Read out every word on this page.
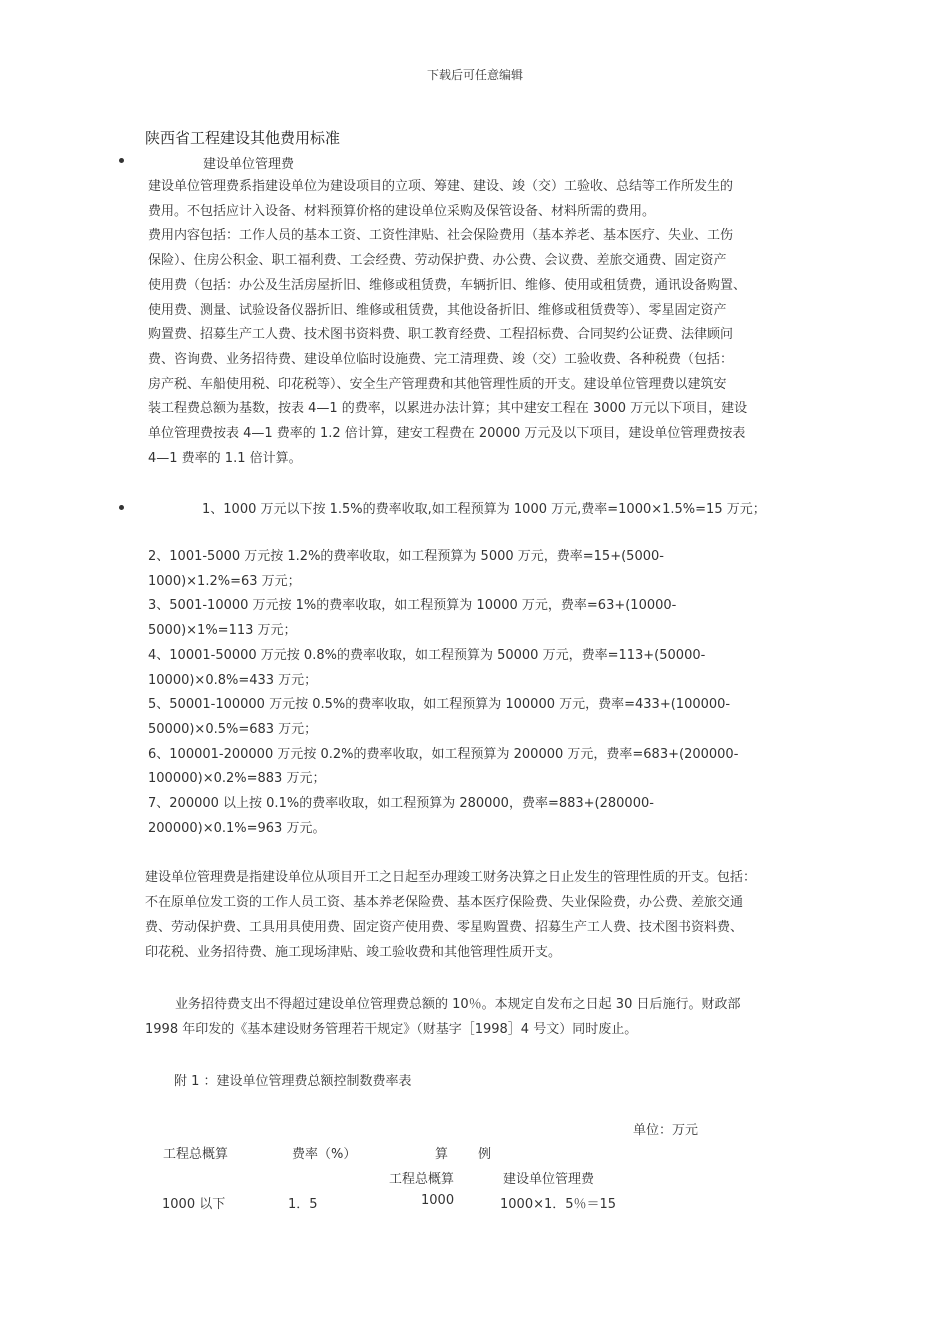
下载后可任意编辑
陕西省工程建设其他费用标准
建设单位管理费
建设单位管理费系指建设单位为建设项目的立项、筹建、建设、竣（交）工验收、总结等工作所发生的
费用。不包括应计入设备、材料预算价格的建设单位采购及保管设备、材料所需的费用。
费用内容包括：工作人员的基本工资、工资性津贴、社会保险费用（基本养老、基本医疗、失业、工伤
保险）、住房公积金、职工福利费、工会经费、劳动保护费、办公费、会议费、差旅交通费、固定资产
使用费（包括：办公及生活房屋折旧、维修或租赁费，车辆折旧、维修、使用或租赁费，通讯设备购置、
使用费、测量、试验设备仪器折旧、维修或租赁费，其他设备折旧、维修或租赁费等）、零星固定资产
购置费、招募生产工人费、技术图书资料费、职工教育经费、工程招标费、合同契约公证费、法律顾问
费、咨询费、业务招待费、建设单位临时设施费、完工清理费、竣（交）工验收费、各种税费（包括：
房产税、车船使用税、印花税等）、安全生产管理费和其他管理性质的开支。建设单位管理费以建筑安
装工程费总额为基数，按表 4—1 的费率，以累进办法计算；其中建安工程在 3000 万元以下项目，建设
单位管理费按表 4—1 费率的 1.2 倍计算，建安工程费在 20000 万元及以下项目，建设单位管理费按表
4—1 费率的 1.1 倍计算。
1、1000 万元以下按 1.5%的费率收取,如工程预算为 1000 万元,费率=1000×1.5%=15 万元；
2、1001-5000 万元按 1.2%的费率收取，如工程预算为 5000 万元，费率=15+(5000-
1000)×1.2%=63 万元；
3、5001-10000 万元按 1%的费率收取，如工程预算为 10000 万元，费率=63+(10000-
5000)×1%=113 万元；
4、10001-50000 万元按 0.8%的费率收取，如工程预算为 50000 万元，费率=113+(50000-
10000)×0.8%=433 万元；
5、50001-100000 万元按 0.5%的费率收取，如工程预算为 100000 万元，费率=433+(100000-
50000)×0.5%=683 万元；
6、100001-200000 万元按 0.2%的费率收取，如工程预算为 200000 万元，费率=683+(200000-
100000)×0.2%=883 万元；
7、200000 以上按 0.1%的费率收取，如工程预算为 280000，费率=883+(280000-
200000)×0.1%=963 万元。
建设单位管理费是指建设单位从项目开工之日起至办理竣工财务决算之日止发生的管理性质的开支。包括：
不在原单位发工资的工作人员工资、基本养老保险费、基本医疗保险费、失业保险费，办公费、差旅交通
费、劳动保护费、工具用具使用费、固定资产使用费、零星购置费、招募生产工人费、技术图书资料费、
印花税、业务招待费、施工现场津贴、竣工验收费和其他管理性质开支。
业务招待费支出不得超过建设单位管理费总额的 10％。本规定自发布之日起 30 日后施行。财政部
1998 年印发的《基本建设财务管理若干规定》（财基字［1998］4 号文）同时废止。
附 1 ：建设单位管理费总额控制数费率表
单位：万元
工程总概算	费率（%）	算 例
工程总概算	建设单位管理费
1000 以下	1．5	1000	1000×1．5％＝15
